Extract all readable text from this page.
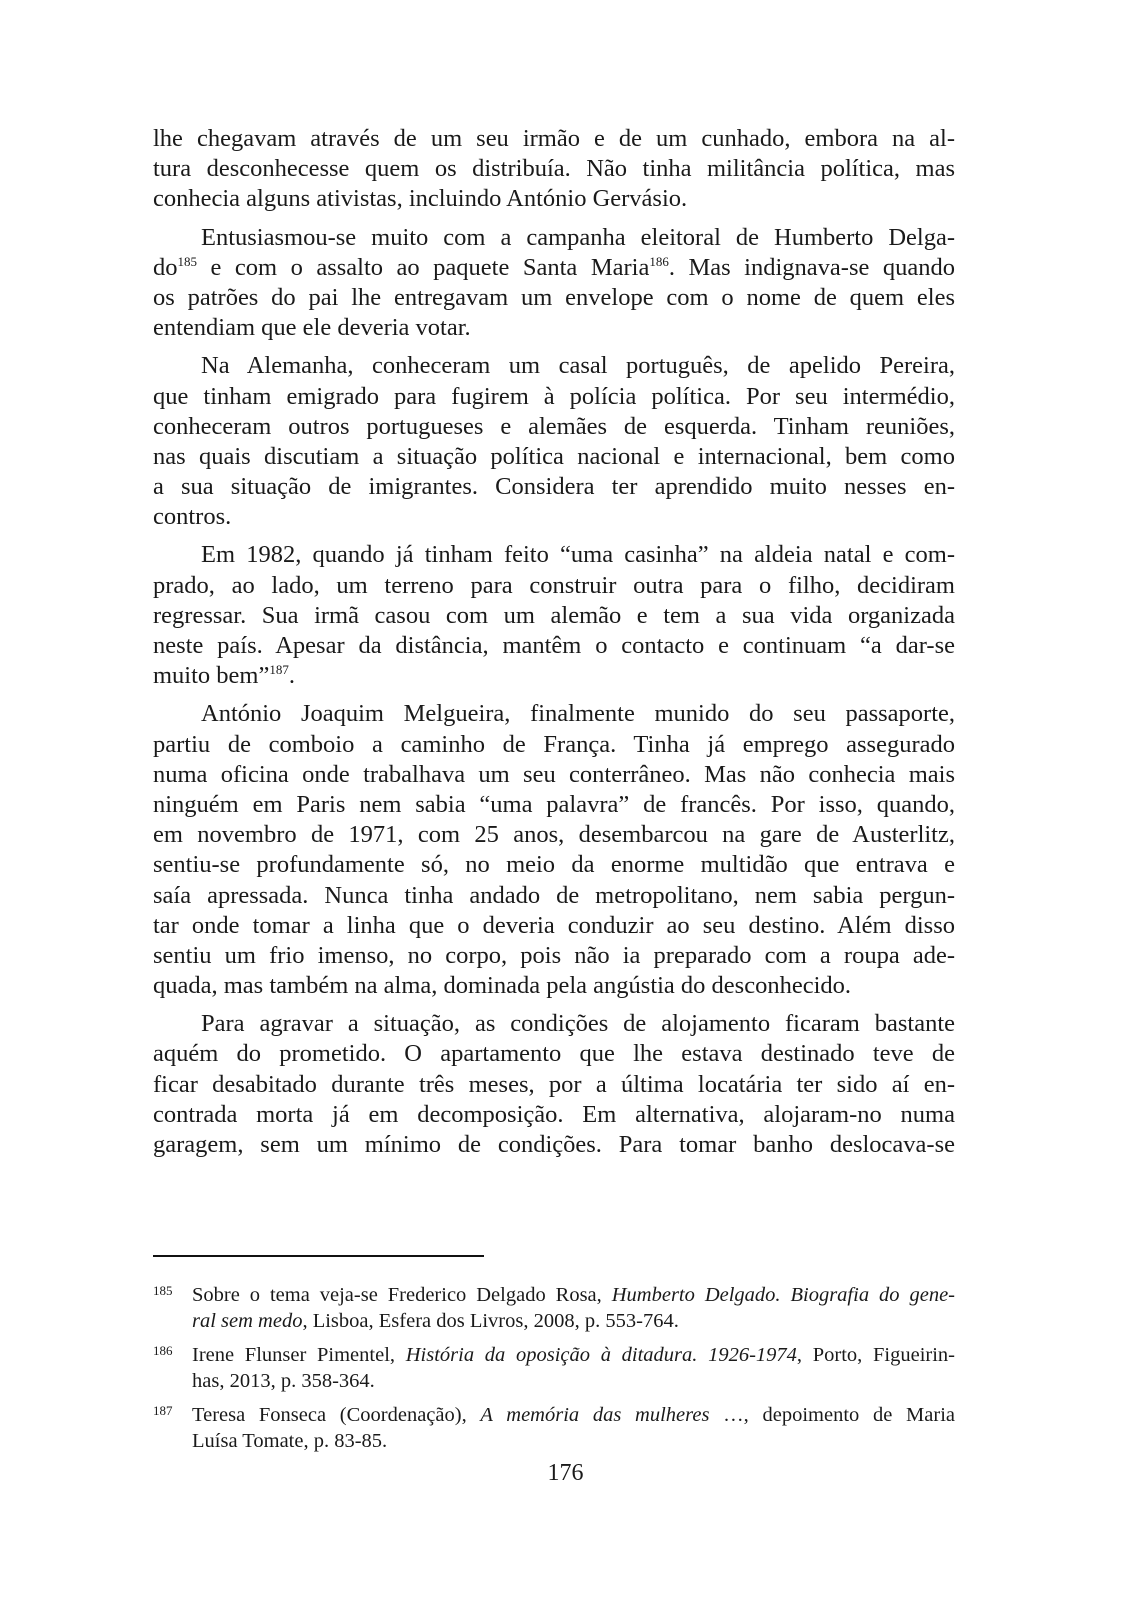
lhe chegavam através de um seu irmão e de um cunhado, embora na al-
tura desconhecesse quem os distribuía. Não tinha militância política, mas
conhecia alguns ativistas, incluindo António Gervásio.
Entusiasmou-se muito com a campanha eleitoral de Humberto Delga-
$do^{185}$ e com o assalto ao paquete Santa Maria$^{186}$. Mas indignava-se quando
os patrões do pai lhe entregavam um envelope com o nome de quem eles
entendiam que ele deveria votar.
Na Alemanha, conheceram um casal português, de apelido Pereira,
que tinham emigrado para fugirem à polícia política. Por seu intermédio,
conheceram outros portugueses e alemães de esquerda. Tinham reuniões,
nas quais discutiam a situação política nacional e internacional, bem como
a sua situação de imigrantes. Considera ter aprendido muito nesses en-
contros.
Em 1982, quando já tinham feito “uma casinha” na aldeia natal e com-
prado, ao lado, um terreno para construir outra para o filho, decidiram
regressar. Sua irmã casou com um alemão e tem a sua vida organizada
neste país. Apesar da distância, mantêm o contacto e continuam “a dar-se
muito bem”$^{187}$.
António Joaquim Melgueira, finalmente munido do seu passaporte,
partiu de comboio a caminho de França. Tinha já emprego assegurado
numa oficina onde trabalhava um seu conterrâneo. Mas não conhecia mais
ninguém em Paris nem sabia “uma palavra” de francês. Por isso, quando,
em novembro de 1971, com 25 anos, desembarcou na gare de Austerlitz,
sentiu-se profundamente só, no meio da enorme multidão que entrava e
saía apressada. Nunca tinha andado de metropolitano, nem sabia pergun-
tar onde tomar a linha que o deveria conduzir ao seu destino. Além disso
sentiu um frio imenso, no corpo, pois não ia preparado com a roupa ade-
quada, mas também na alma, dominada pela angústia do desconhecido.
Para agravar a situação, as condições de alojamento ficaram bastante
aquém do prometido. O apartamento que lhe estava destinado teve de
ficar desabitado durante três meses, por a última locatária ter sido aí en-
contrada morta já em decomposição. Em alternativa, alojaram-no numa
garagem, sem um mínimo de condições. Para tomar banho deslocava-se
185 Sobre o tema veja-se Frederico Delgado Rosa, Humberto Delgado. Biografia do gene-
ral sem medo, Lisboa, Esfera dos Livros, 2008, p. 553-764.
186 Irene Flunser Pimentel, História da oposição à ditadura. 1926-1974, Porto, Figueirin-
has, 2013, p. 358-364.
187 Teresa Fonseca (Coordenação), A memória das mulheres …, depoimento de Maria
Luísa Tomate, p. 83-85.
176
